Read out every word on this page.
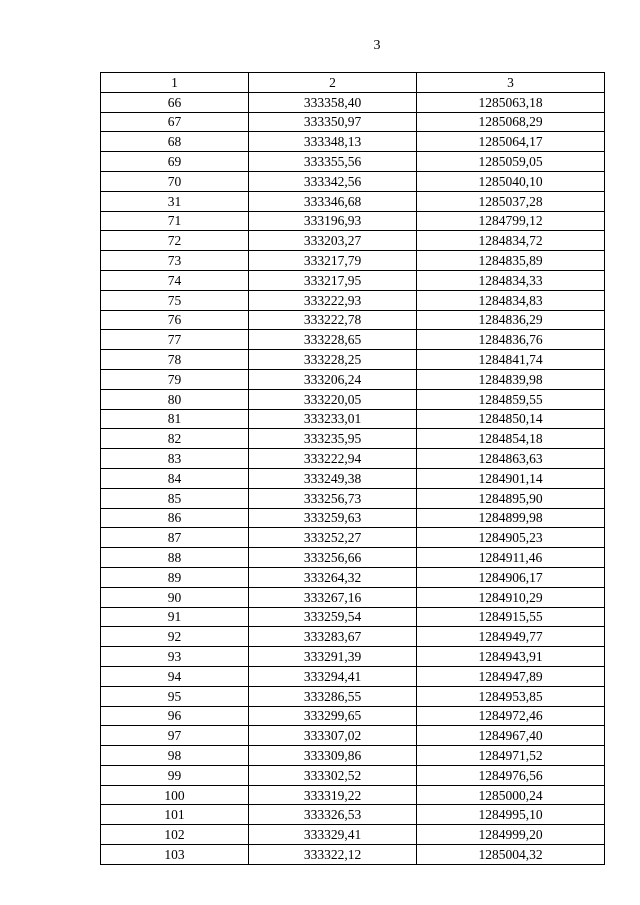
3
1	2	3
66	333358,40	1285063,18
67	333350,97	1285068,29
68	333348,13	1285064,17
69	333355,56	1285059,05
70	333342,56	1285040,10
31	333346,68	1285037,28
71	333196,93	1284799,12
72	333203,27	1284834,72
73	333217,79	1284835,89
74	333217,95	1284834,33
75	333222,93	1284834,83
76	333222,78	1284836,29
77	333228,65	1284836,76
78	333228,25	1284841,74
79	333206,24	1284839,98
80	333220,05	1284859,55
81	333233,01	1284850,14
82	333235,95	1284854,18
83	333222,94	1284863,63
84	333249,38	1284901,14
85	333256,73	1284895,90
86	333259,63	1284899,98
87	333252,27	1284905,23
88	333256,66	1284911,46
89	333264,32	1284906,17
90	333267,16	1284910,29
91	333259,54	1284915,55
92	333283,67	1284949,77
93	333291,39	1284943,91
94	333294,41	1284947,89
95	333286,55	1284953,85
96	333299,65	1284972,46
97	333307,02	1284967,40
98	333309,86	1284971,52
99	333302,52	1284976,56
100	333319,22	1285000,24
101	333326,53	1284995,10
102	333329,41	1284999,20
103	333322,12	1285004,32
